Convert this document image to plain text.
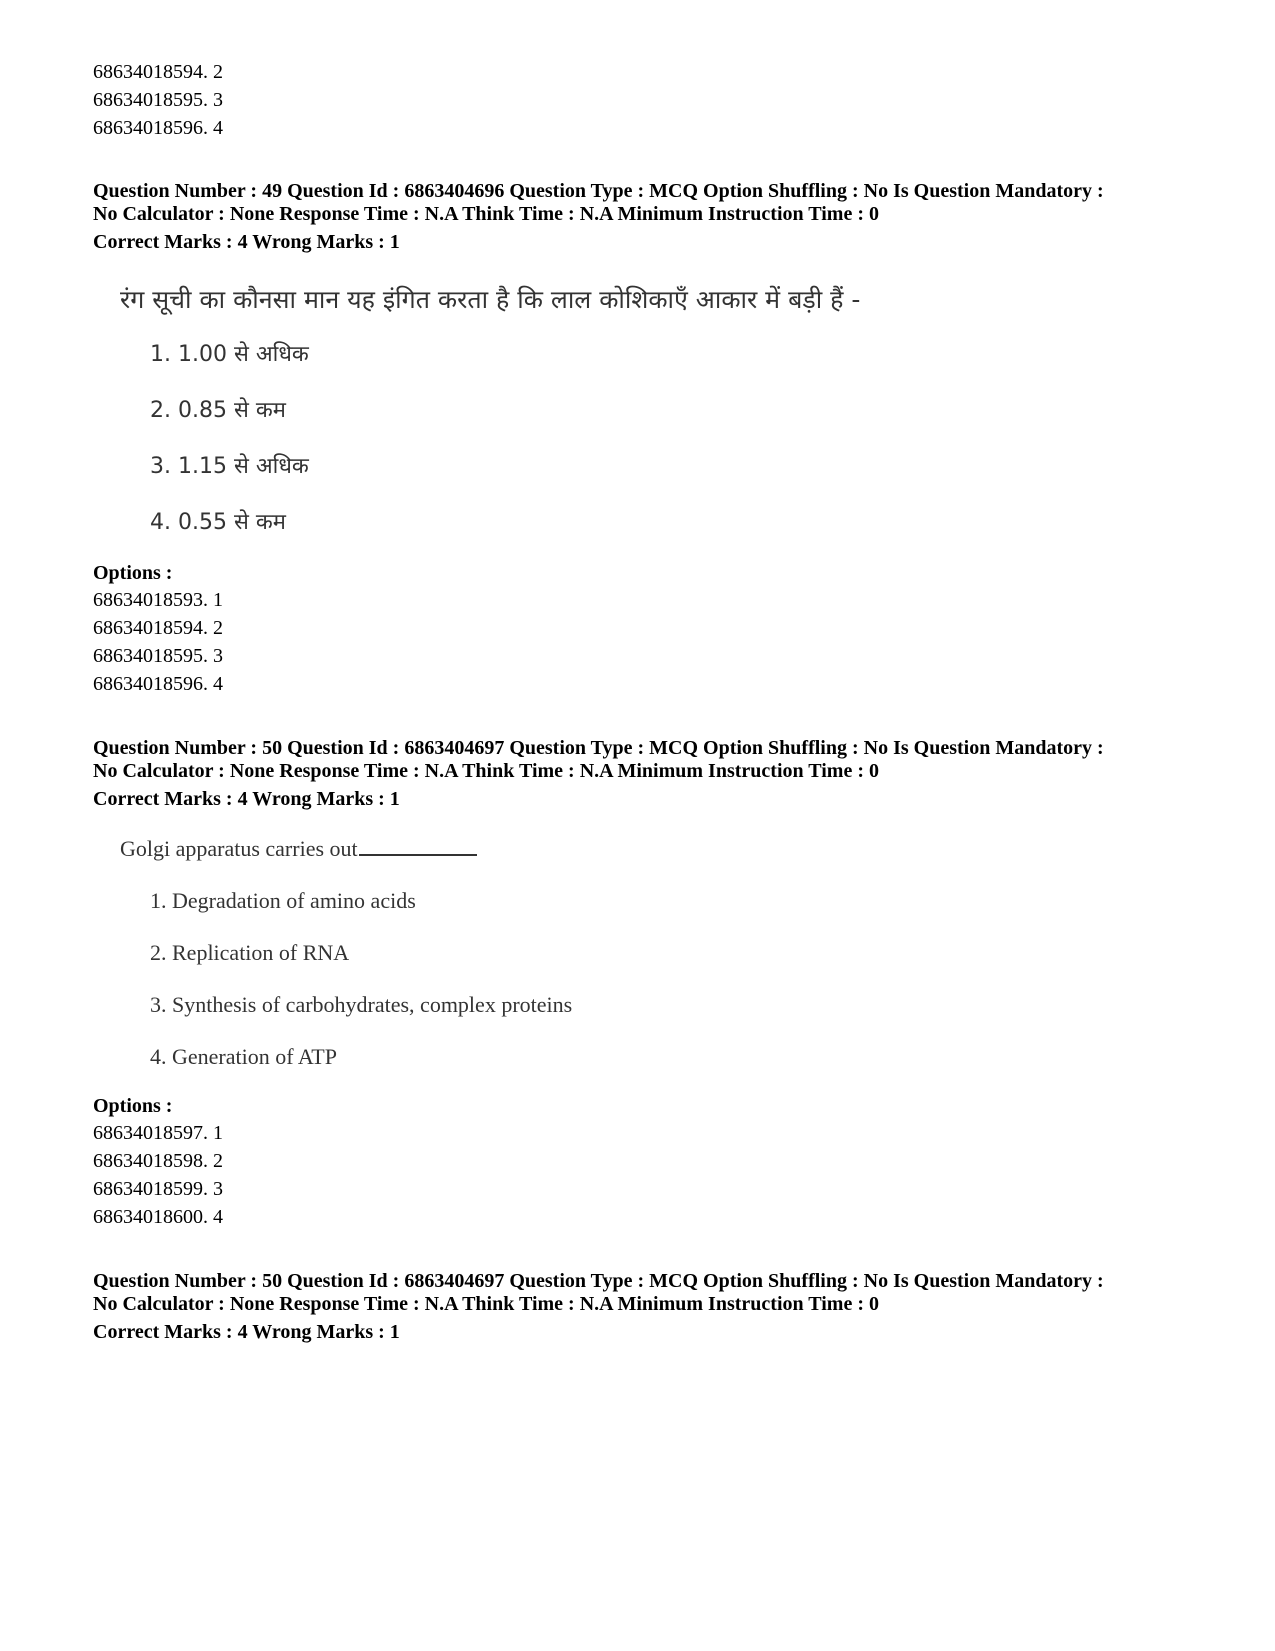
68634018594. 2
68634018595. 3
68634018596. 4
Question Number : 49 Question Id : 6863404696 Question Type : MCQ Option Shuffling : No Is Question Mandatory :
No Calculator : None Response Time : N.A Think Time : N.A Minimum Instruction Time : 0
Correct Marks : 4 Wrong Marks : 1
रंग सूची का कौनसा मान यह इंगित करता है कि लाल कोशिकाएँ आकार में बड़ी हैं -
1. 1.00 से अधिक
2. 0.85 से कम
3. 1.15 से अधिक
4. 0.55 से कम
Options :
68634018593. 1
68634018594. 2
68634018595. 3
68634018596. 4
Question Number : 50 Question Id : 6863404697 Question Type : MCQ Option Shuffling : No Is Question Mandatory :
No Calculator : None Response Time : N.A Think Time : N.A Minimum Instruction Time : 0
Correct Marks : 4 Wrong Marks : 1
Golgi apparatus carries out
1. Degradation of amino acids
2. Replication of RNA
3. Synthesis of carbohydrates, complex proteins
4. Generation of ATP
Options :
68634018597. 1
68634018598. 2
68634018599. 3
68634018600. 4
Question Number : 50 Question Id : 6863404697 Question Type : MCQ Option Shuffling : No Is Question Mandatory :
No Calculator : None Response Time : N.A Think Time : N.A Minimum Instruction Time : 0
Correct Marks : 4 Wrong Marks : 1
